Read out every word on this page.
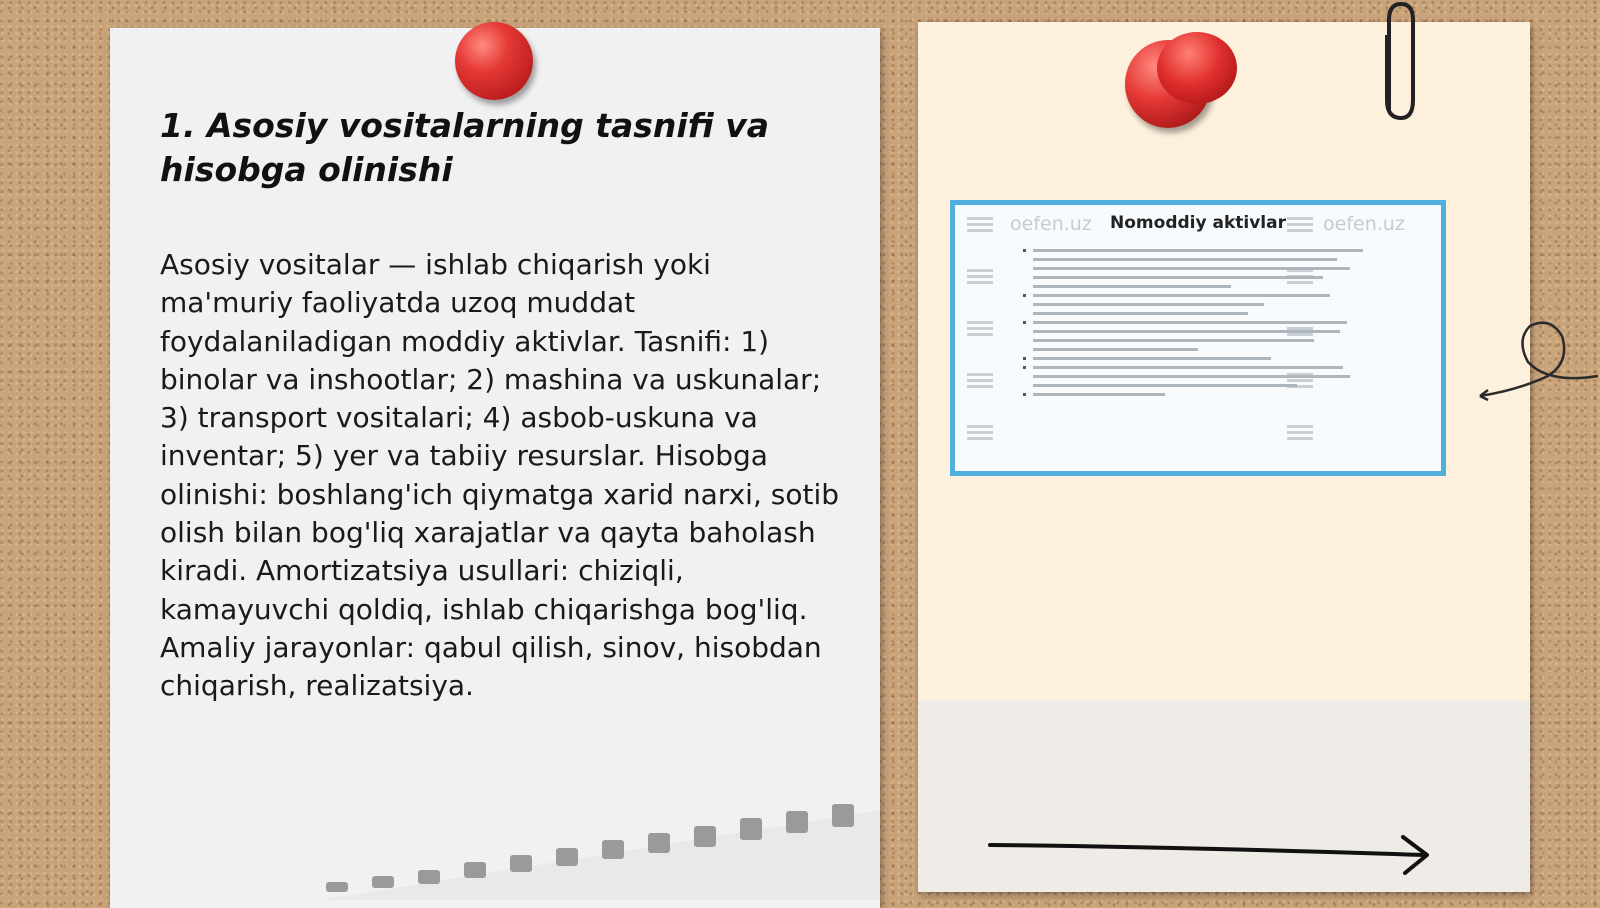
1. Asosiy vositalarning tasnifi va hisobga olinishi

Asosiy vositalar — ishlab chiqarish yoki ma'muriy faoliyatda uzoq muddat foydalaniladigan moddiy aktivlar. Tasnifi: 1) binolar va inshootlar; 2) mashina va uskunalar; 3) transport vositalari; 4) asbob-uskuna va inventar; 5) yer va tabiiy resurslar. Hisobga olinishi: boshlang'ich qiymatga xarid narxi, sotib olish bilan bog'liq xarajatlar va qayta baholash kiradi. Amortizatsiya usullari: chiziqli, kamayuvchi qoldiq, ishlab chiqarishga bog'liq. Amaliy jarayonlar: qabul qilish, sinov, hisobdan chiqarish, realizatsiya.

oefen.uz	oefen.uz
Nomoddiy aktivlar
